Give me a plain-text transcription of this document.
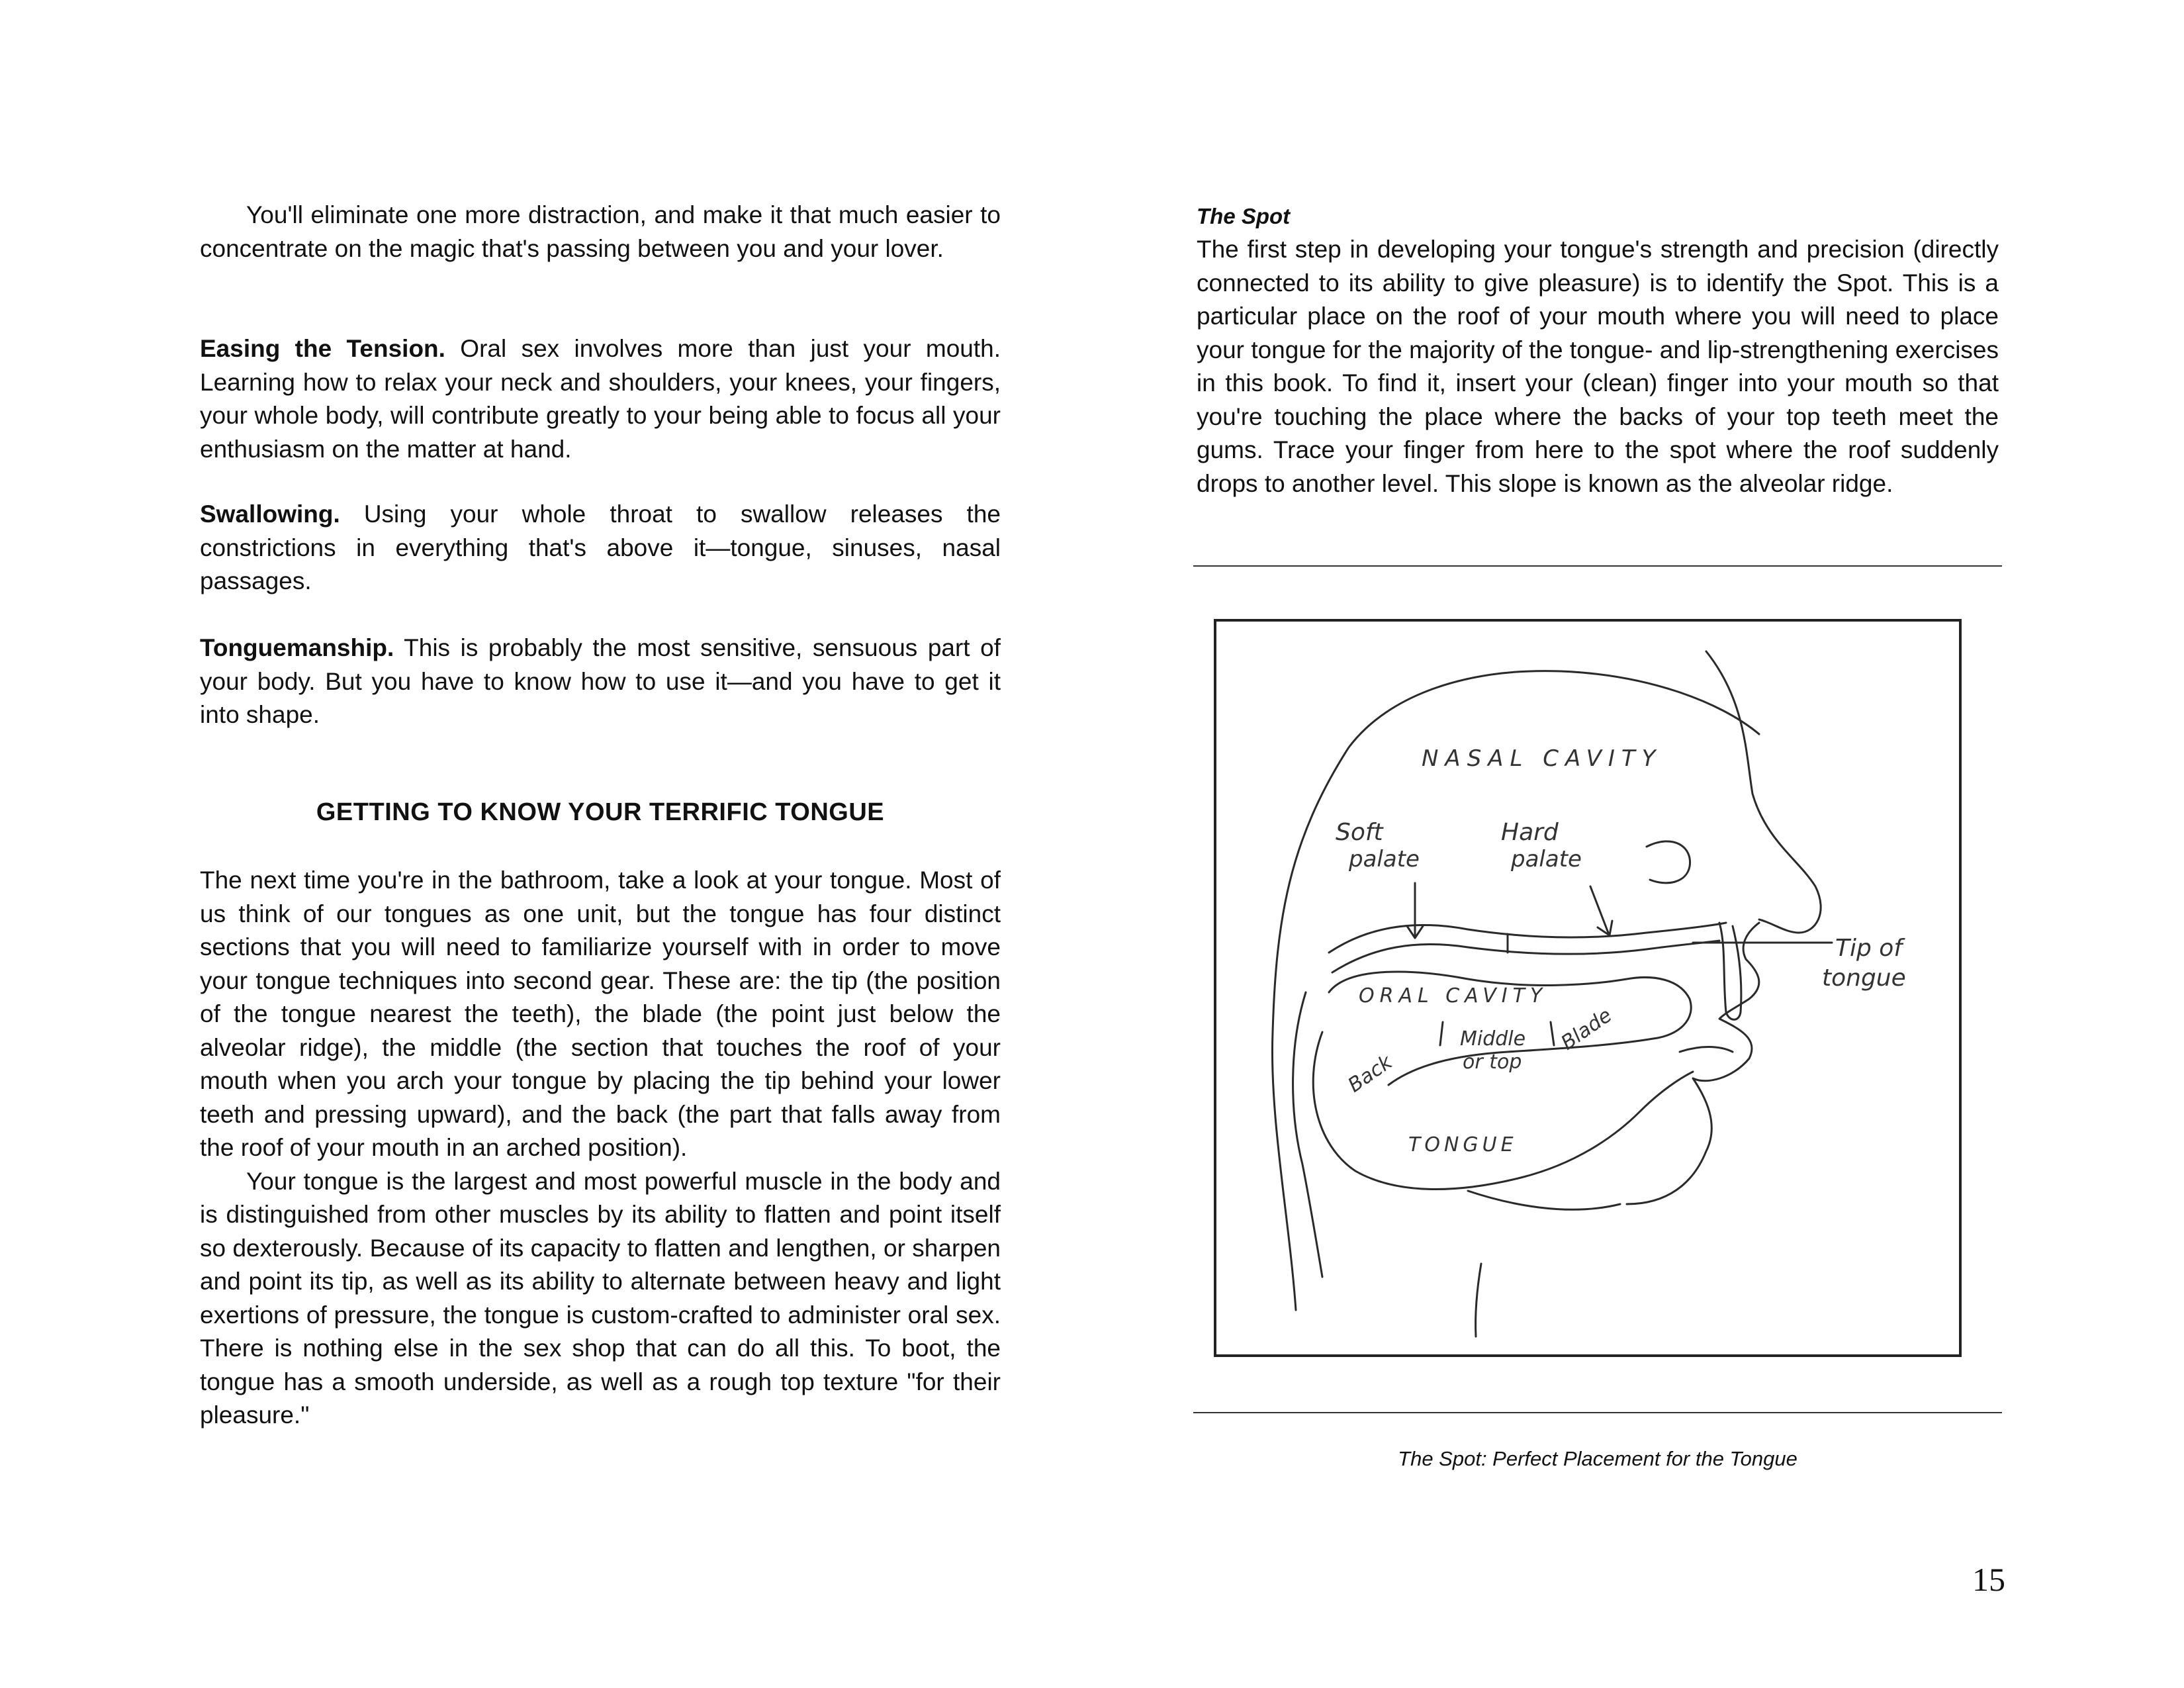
You'll eliminate one more distraction, and make it that much easier to concentrate on the magic that's passing between you and your lover.

Easing the Tension. Oral sex involves more than just your mouth. Learning how to relax your neck and shoulders, your knees, your fingers, your whole body, will contribute greatly to your being able to focus all your enthusiasm on the matter at hand.

Swallowing. Using your whole throat to swallow releases the constrictions in everything that's above it—tongue, sinuses, nasal passages.

Tonguemanship. This is probably the most sensitive, sensuous part of your body. But you have to know how to use it—and you have to get it into shape.

GETTING TO KNOW YOUR TERRIFIC TONGUE

The next time you're in the bathroom, take a look at your tongue. Most of us think of our tongues as one unit, but the tongue has four distinct sections that you will need to familiarize yourself with in order to move your tongue techniques into second gear. These are: the tip (the position of the tongue nearest the teeth), the blade (the point just below the alveolar ridge), the middle (the section that touches the roof of your mouth when you arch your tongue by placing the tip behind your lower teeth and pressing upward), and the back (the part that falls away from the roof of your mouth in an arched position).

Your tongue is the largest and most powerful muscle in the body and is distinguished from other muscles by its ability to flatten and point itself so dexterously. Because of its capacity to flatten and lengthen, or sharpen and point its tip, as well as its ability to alternate between heavy and light exertions of pressure, the tongue is custom-crafted to administer oral sex. There is nothing else in the sex shop that can do all this. To boot, the tongue has a smooth underside, as well as a rough top texture "for their pleasure."

The Spot

The first step in developing your tongue's strength and precision (directly connected to its ability to give pleasure) is to identify the Spot. This is a particular place on the roof of your mouth where you will need to place your tongue for the majority of the tongue- and lip-strengthening exercises in this book. To find it, insert your (clean) finger into your mouth so that you're touching the place where the backs of your top teeth meet the gums. Trace your finger from here to the spot where the roof suddenly drops to another level. This slope is known as the alveolar ridge.

NASAL CAVITY
Soft
palate
Hard
palate
ORAL CAVITY
Tip of
tongue
Back
Middle
or top
Blade
TONGUE
The Spot: Perfect Placement for the Tongue
15
